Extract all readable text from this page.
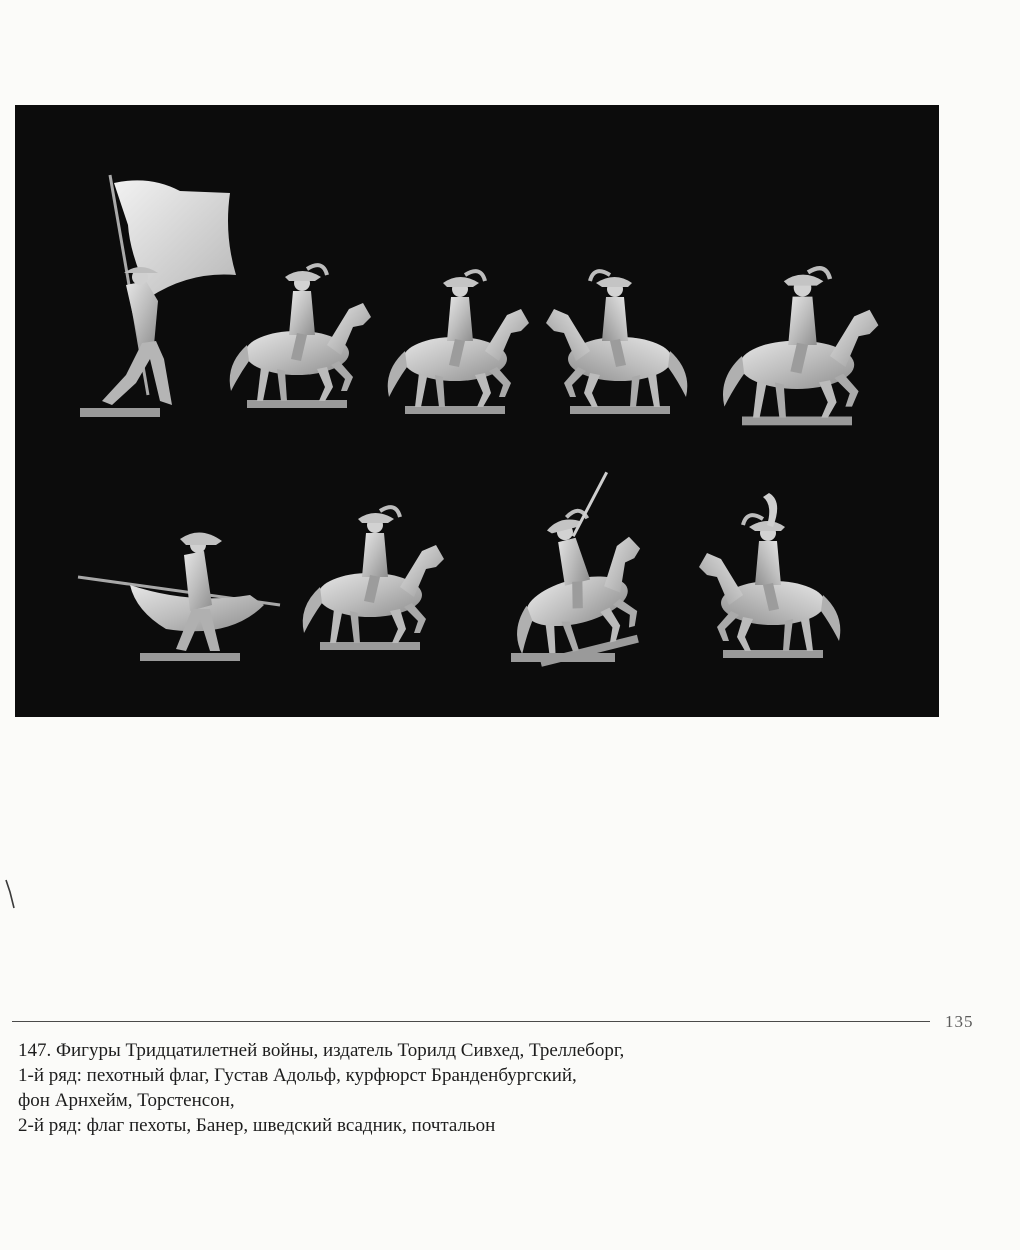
135
147. Фигуры Тридцатилетней войны, издатель Торилд Сивхед, Треллеборг,
1-й ряд: пехотный флаг, Густав Адольф, курфюрст Бранденбургский,
фон Арнхейм, Торстенсон,
2-й ряд: флаг пехоты, Банер, шведский всадник, почтальон
